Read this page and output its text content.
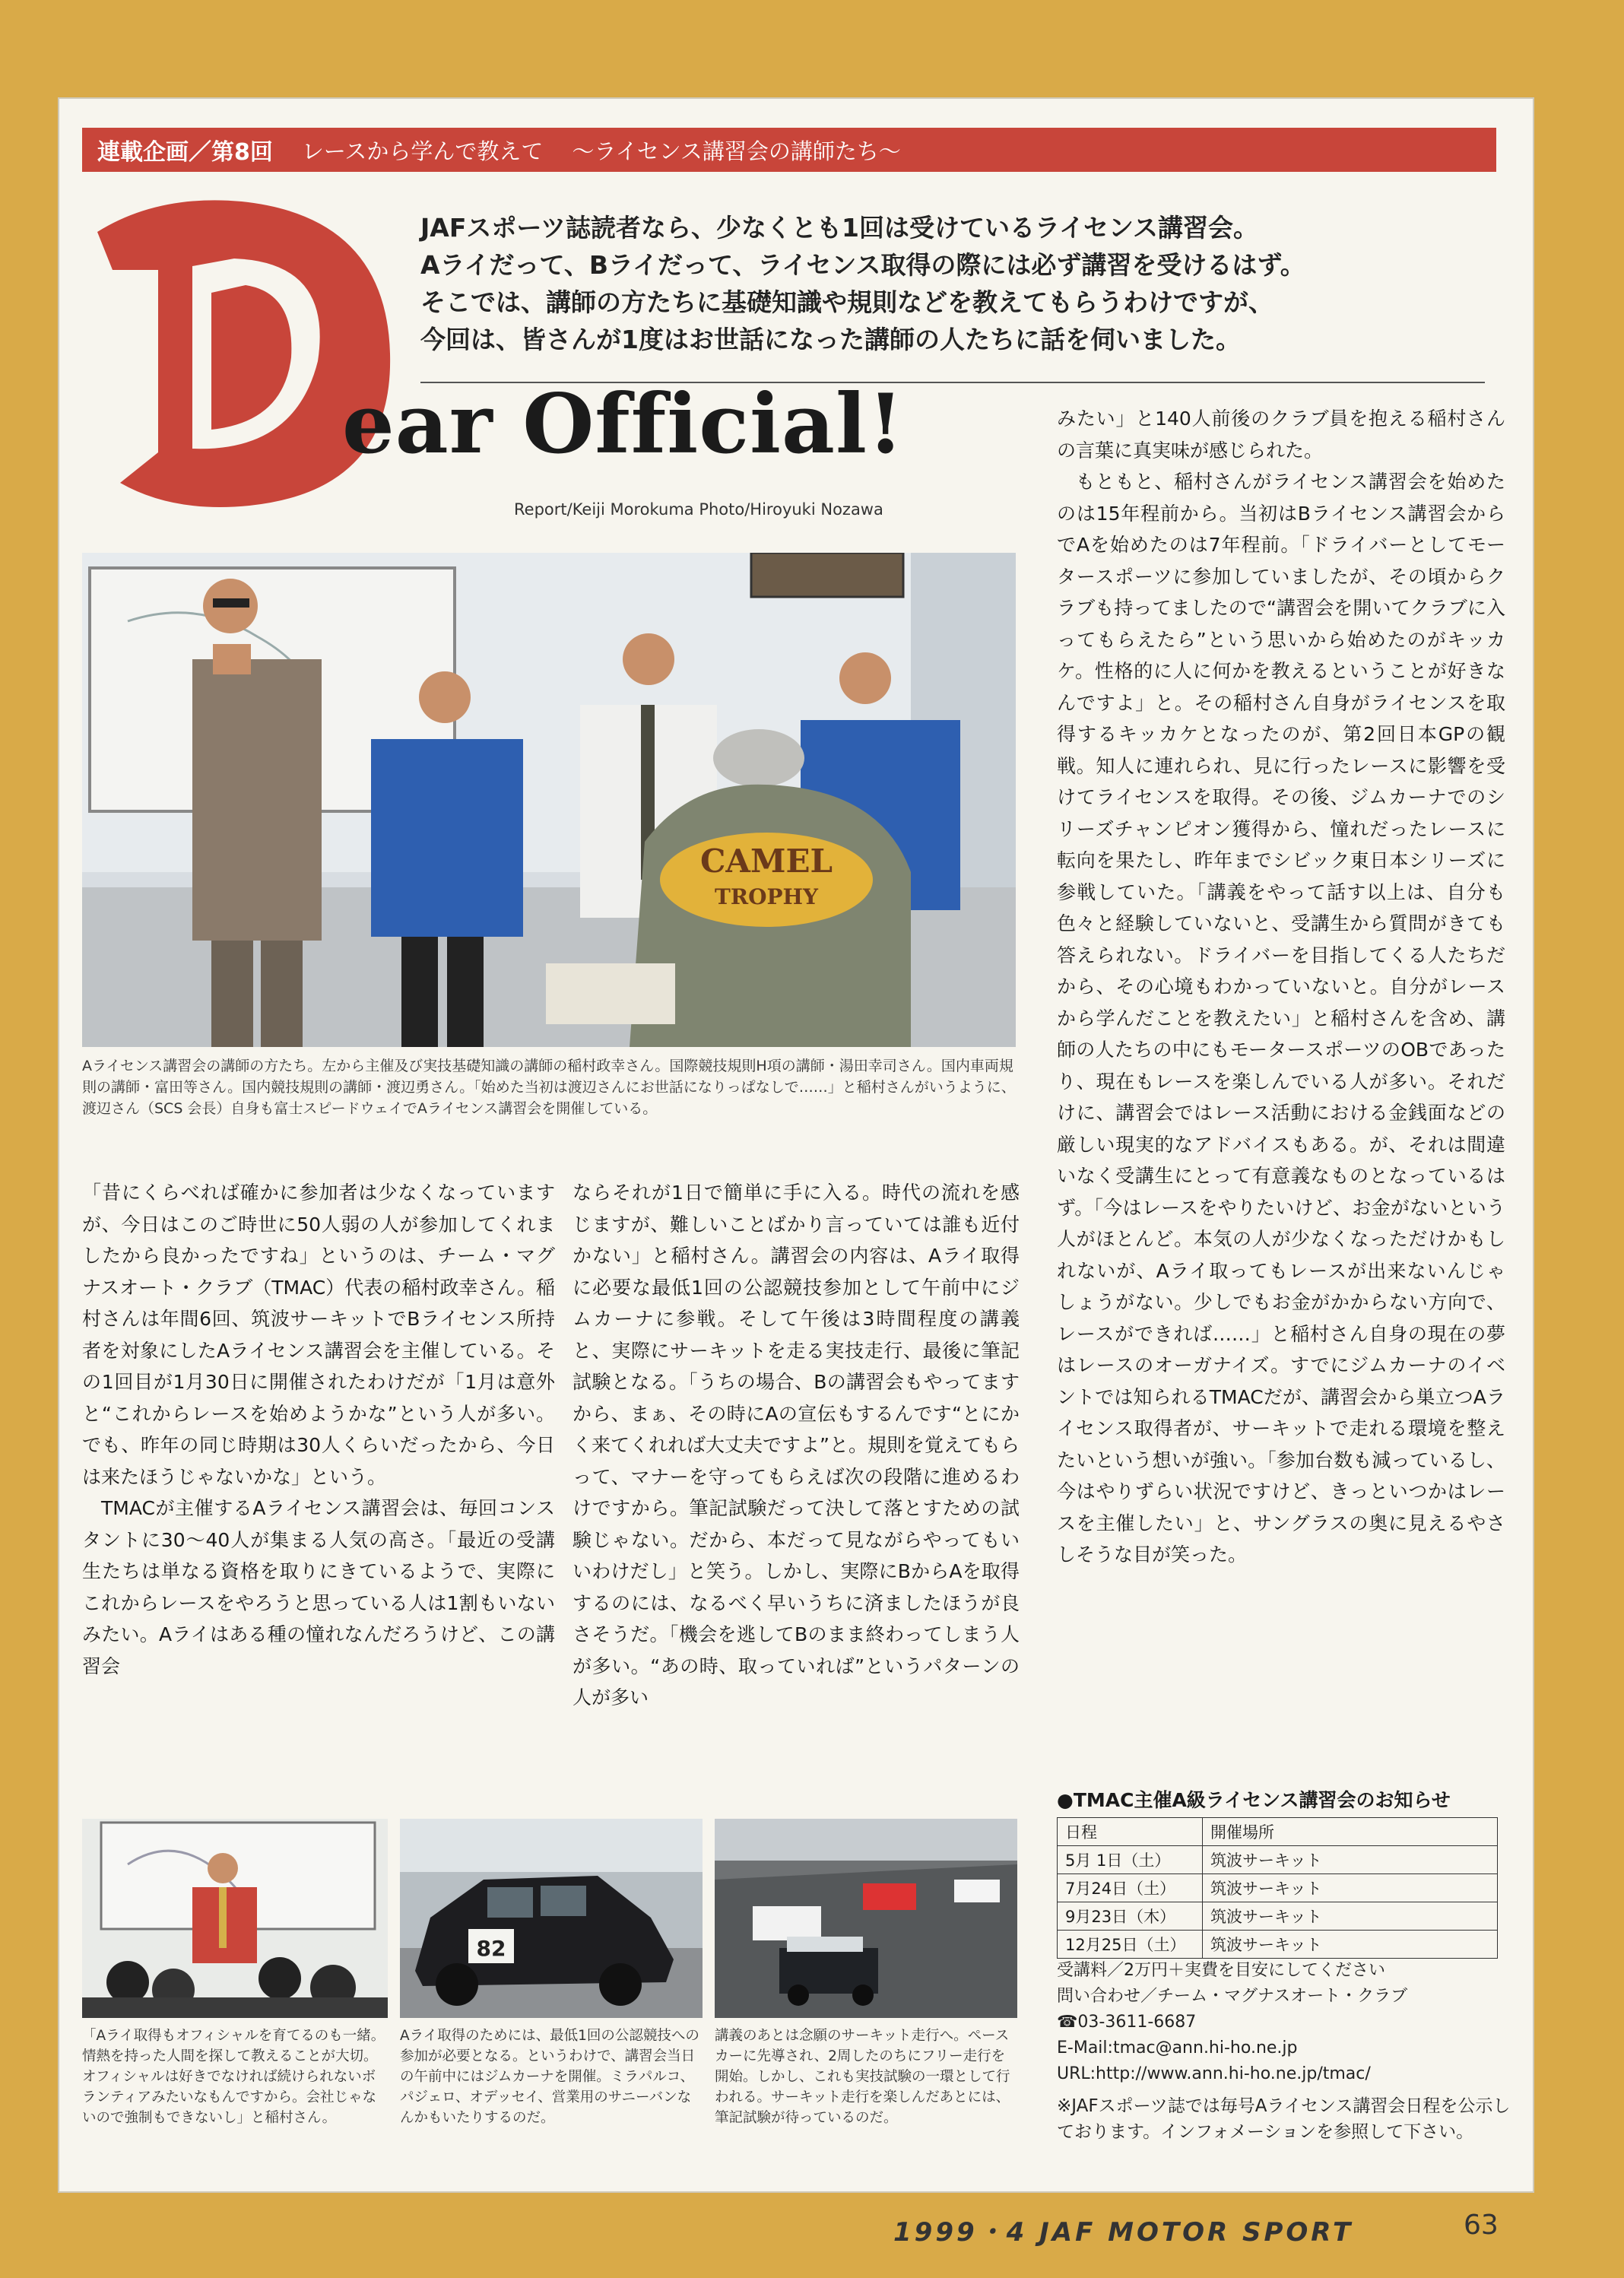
連載企画／第8回 レースから学んで教えて ～ライセンス講習会の講師たち～
JAFスポーツ誌読者なら、少なくとも1回は受けているライセンス講習会。
Aライだって、Bライだって、ライセンス取得の際には必ず講習を受けるはず。
そこでは、講師の方たちに基礎知識や規則などを教えてもらうわけですが、
今回は、皆さんが1度はお世話になった講師の人たちに話を伺いました。
ear Official!
Report/Keiji Morokuma Photo/Hiroyuki Nozawa
CAMEL
TROPHY
Aライセンス講習会の講師の方たち。左から主催及び実技基礎知識の講師の稲村政幸さん。国際競技規則H項の講師・湯田幸司さん。国内車両規則の講師・富田等さん。国内競技規則の講師・渡辺勇さん。「始めた当初は渡辺さんにお世話になりっぱなしで……」と稲村さんがいうように、渡辺さん（SCS 会長）自身も富士スピードウェイでAライセンス講習会を開催している。

「昔にくらべれば確かに参加者は少なくなっていますが、今日はこのご時世に50人弱の人が参加してくれましたから良かったですね」というのは、チーム・マグナスオート・クラブ（TMAC）代表の稲村政幸さん。稲村さんは年間6回、筑波サーキットでBライセンス所持者を対象にしたAライセンス講習会を主催している。その1回目が1月30日に開催されたわけだが「1月は意外と“これからレースを始めようかな”という人が多い。でも、昨年の同じ時期は30人くらいだったから、今日は来たほうじゃないかな」という。

TMACが主催するAライセンス講習会は、毎回コンスタントに30～40人が集まる人気の高さ。「最近の受講生たちは単なる資格を取りにきているようで、実際にこれからレースをやろうと思っている人は1割もいないみたい。Aライはある種の憧れなんだろうけど、この講習会

ならそれが1日で簡単に手に入る。時代の流れを感じますが、難しいことばかり言っていては誰も近付かない」と稲村さん。講習会の内容は、Aライ取得に必要な最低1回の公認競技参加として午前中にジムカーナに参戦。そして午後は3時間程度の講義と、実際にサーキットを走る実技走行、最後に筆記試験となる。「うちの場合、Bの講習会もやってますから、まぁ、その時にAの宣伝もするんです“とにかく来てくれれば大丈夫ですよ”と。規則を覚えてもらって、マナーを守ってもらえば次の段階に進めるわけですから。筆記試験だって決して落とすための試験じゃない。だから、本だって見ながらやってもいいわけだし」と笑う。しかし、実際にBからAを取得するのには、なるべく早いうちに済ましたほうが良さそうだ。「機会を逃してBのまま終わってしまう人が多い。“あの時、取っていれば”というパターンの人が多い

みたい」と140人前後のクラブ員を抱える稲村さんの言葉に真実味が感じられた。

もともと、稲村さんがライセンス講習会を始めたのは15年程前から。当初はBライセンス講習会からでAを始めたのは7年程前。「ドライバーとしてモータースポーツに参加していましたが、その頃からクラブも持ってましたので“講習会を開いてクラブに入ってもらえたら”という思いから始めたのがキッカケ。性格的に人に何かを教えるということが好きなんですよ」と。その稲村さん自身がライセンスを取得するキッカケとなったのが、第2回日本GPの観戦。知人に連れられ、見に行ったレースに影響を受けてライセンスを取得。その後、ジムカーナでのシリーズチャンピオン獲得から、憧れだったレースに転向を果たし、昨年までシビック東日本シリーズに参戦していた。「講義をやって話す以上は、自分も色々と経験していないと、受講生から質問がきても答えられない。ドライバーを目指してくる人たちだから、その心境もわかっていないと。自分がレースから学んだことを教えたい」と稲村さんを含め、講師の人たちの中にもモータースポーツのOBであったり、現在もレースを楽しんでいる人が多い。それだけに、講習会ではレース活動における金銭面などの厳しい現実的なアドバイスもある。が、それは間違いなく受講生にとって有意義なものとなっているはず。「今はレースをやりたいけど、お金がないという人がほとんど。本気の人が少なくなっただけかもしれないが、Aライ取ってもレースが出来ないんじゃしょうがない。少しでもお金がかからない方向で、レースができれば……」と稲村さん自身の現在の夢はレースのオーガナイズ。すでにジムカーナのイベントでは知られるTMACだが、講習会から巣立つAライセンス取得者が、サーキットで走れる環境を整えたいという想いが強い。「参加台数も減っているし、今はやりずらい状況ですけど、きっといつかはレースを主催したい」と、サングラスの奥に見えるやさしそうな目が笑った。

82
「Aライ取得もオフィシャルを育てるのも一緒。情熱を持った人間を探して教えることが大切。オフィシャルは好きでなければ続けられないボランティアみたいなもんですから。会社じゃないので強制もできないし」と稲村さん。
Aライ取得のためには、最低1回の公認競技への参加が必要となる。というわけで、講習会当日の午前中にはジムカーナを開催。ミラパルコ、パジェロ、オデッセイ、営業用のサニーバンなんかもいたりするのだ。
講義のあとは念願のサーキット走行へ。ペースカーに先導され、2周したのちにフリー走行を開始。しかし、これも実技試験の一環として行われる。サーキット走行を楽しんだあとには、筆記試験が待っているのだ。
●TMAC主催A級ライセンス講習会のお知らせ
日程	開催場所
5月 1日（土）	筑波サーキット
7月24日（土）	筑波サーキット
9月23日（木）	筑波サーキット
12月25日（土）	筑波サーキット
受講料／2万円＋実費を目安にしてください
問い合わせ／チーム・マグナスオート・クラブ
☎03-3611-6687
E-Mail:tmac@ann.hi-ho.ne.jp
URL:http://www.ann.hi-ho.ne.jp/tmac/
※JAFスポーツ誌では毎号Aライセンス講習会日程を公示しております。インフォメーションを参照して下さい。
1999・4 JAF MOTOR SPORT	63
